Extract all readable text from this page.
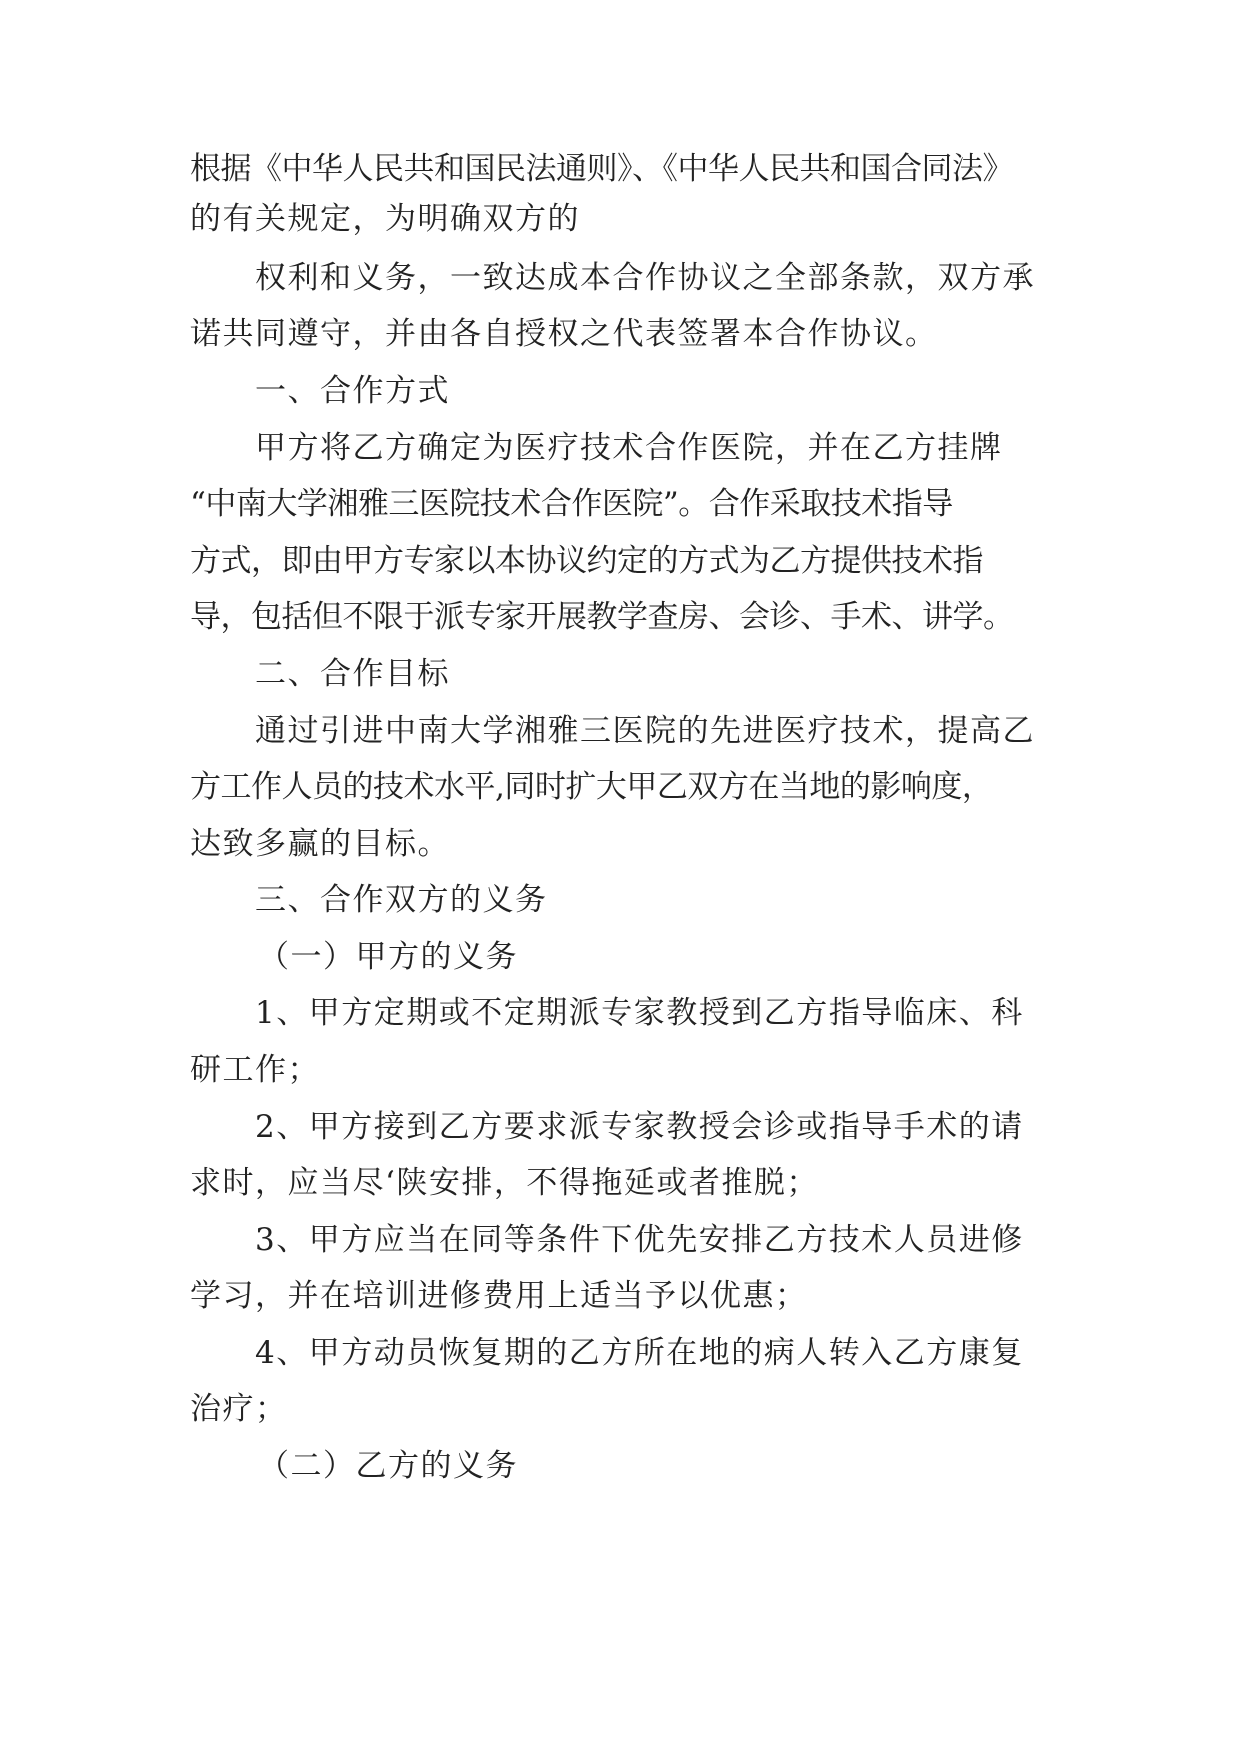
根据《中华人民共和国民法通则》、《中华人民共和国合同法》
的有关规定，为明确双方的
权利和义务，一致达成本合作协议之全部条款，双方承
诺共同遵守，并由各自授权之代表签署本合作协议。
一、合作方式
甲方将乙方确定为医疗技术合作医院，并在乙方挂牌
“中南大学湘雅三医院技术合作医院”。合作采取技术指导
方式，即由甲方专家以本协议约定的方式为乙方提供技术指
导，包括但不限于派专家开展教学查房、会诊、手术、讲学。
二、合作目标
通过引进中南大学湘雅三医院的先进医疗技术，提高乙
方工作人员的技术水平,同时扩大甲乙双方在当地的影响度，
达致多赢的目标。
三、合作双方的义务
（一）甲方的义务
1、甲方定期或不定期派专家教授到乙方指导临床、科
研工作；
2、甲方接到乙方要求派专家教授会诊或指导手术的请
求时，应当尽‘陕安排，不得拖延或者推脱；
3、甲方应当在同等条件下优先安排乙方技术人员进修
学习，并在培训进修费用上适当予以优惠；
4、甲方动员恢复期的乙方所在地的病人转入乙方康复
治疗；
（二）乙方的义务
